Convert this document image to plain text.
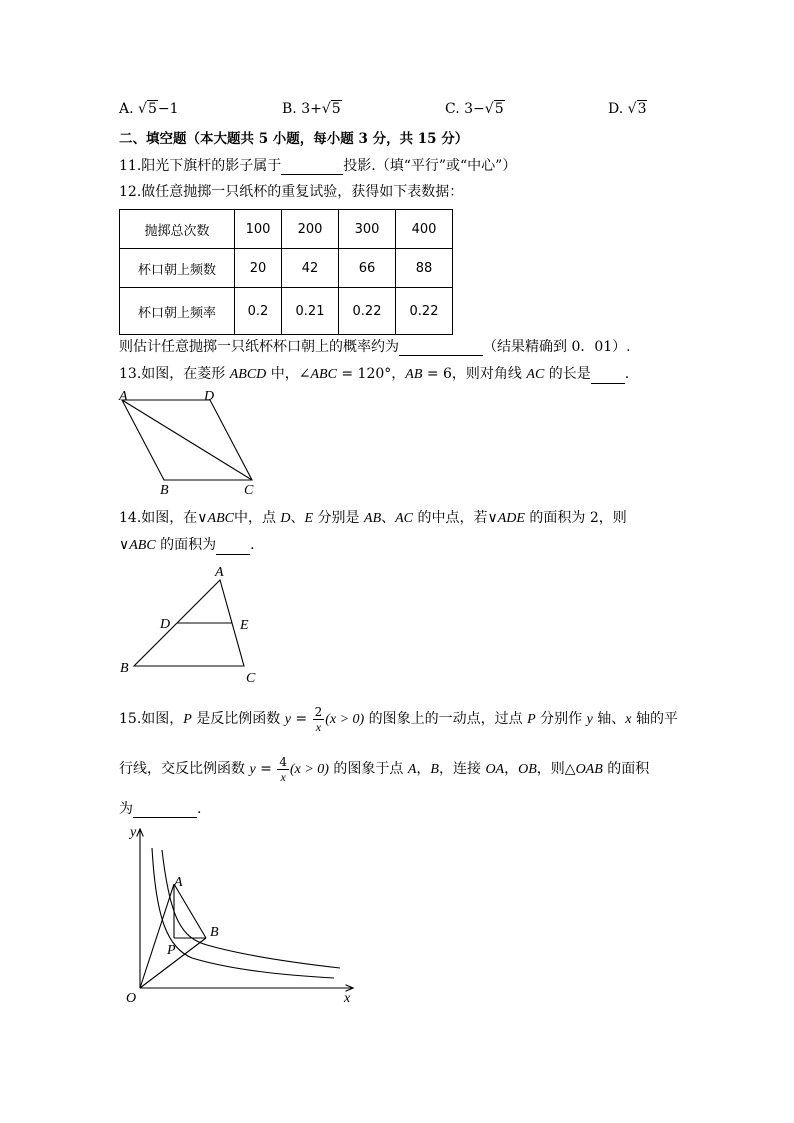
A. √5−1	B. 3+√5	C. 3−√5	D. √3
二、填空题（本大题共 5 小题，每小题 3 分，共 15 分）
11.阳光下旗杆的影子属于	投影.（填“平行”或“中心”）
12.做任意抛掷一只纸杯的重复试验，获得如下表数据：
抛掷总次数	100	200	300	400
杯口朝上频数	20	42	66	88
杯口朝上频率	0.2	0.21	0.22	0.22
则估计任意抛掷一只纸杯杯口朝上的概率约为	（结果精确到 0．01）.
13.如图，在菱形 ABCD 中，∠ABC = 120°，AB = 6，则对角线 AC 的长是 .
A	D
B	C
14.如图，在∨ABC中，点 D、E 分别是 AB、AC 的中点，若∨ADE 的面积为 2，则
∨ABC 的面积为 .
A
D	E
B
C
15.如图，P 是反比例函数 $y = \frac{2}{x} (x > 0)$ 的图象上的一动点，过点 P 分别作 y 轴、x 轴的平
行线，交反比例函数 $y = \frac{4}{x} (x > 0)$ 的图象于点 A，B，连接 OA，OB，则△OAB 的面积
为	.
y
A
B
P
O	x
